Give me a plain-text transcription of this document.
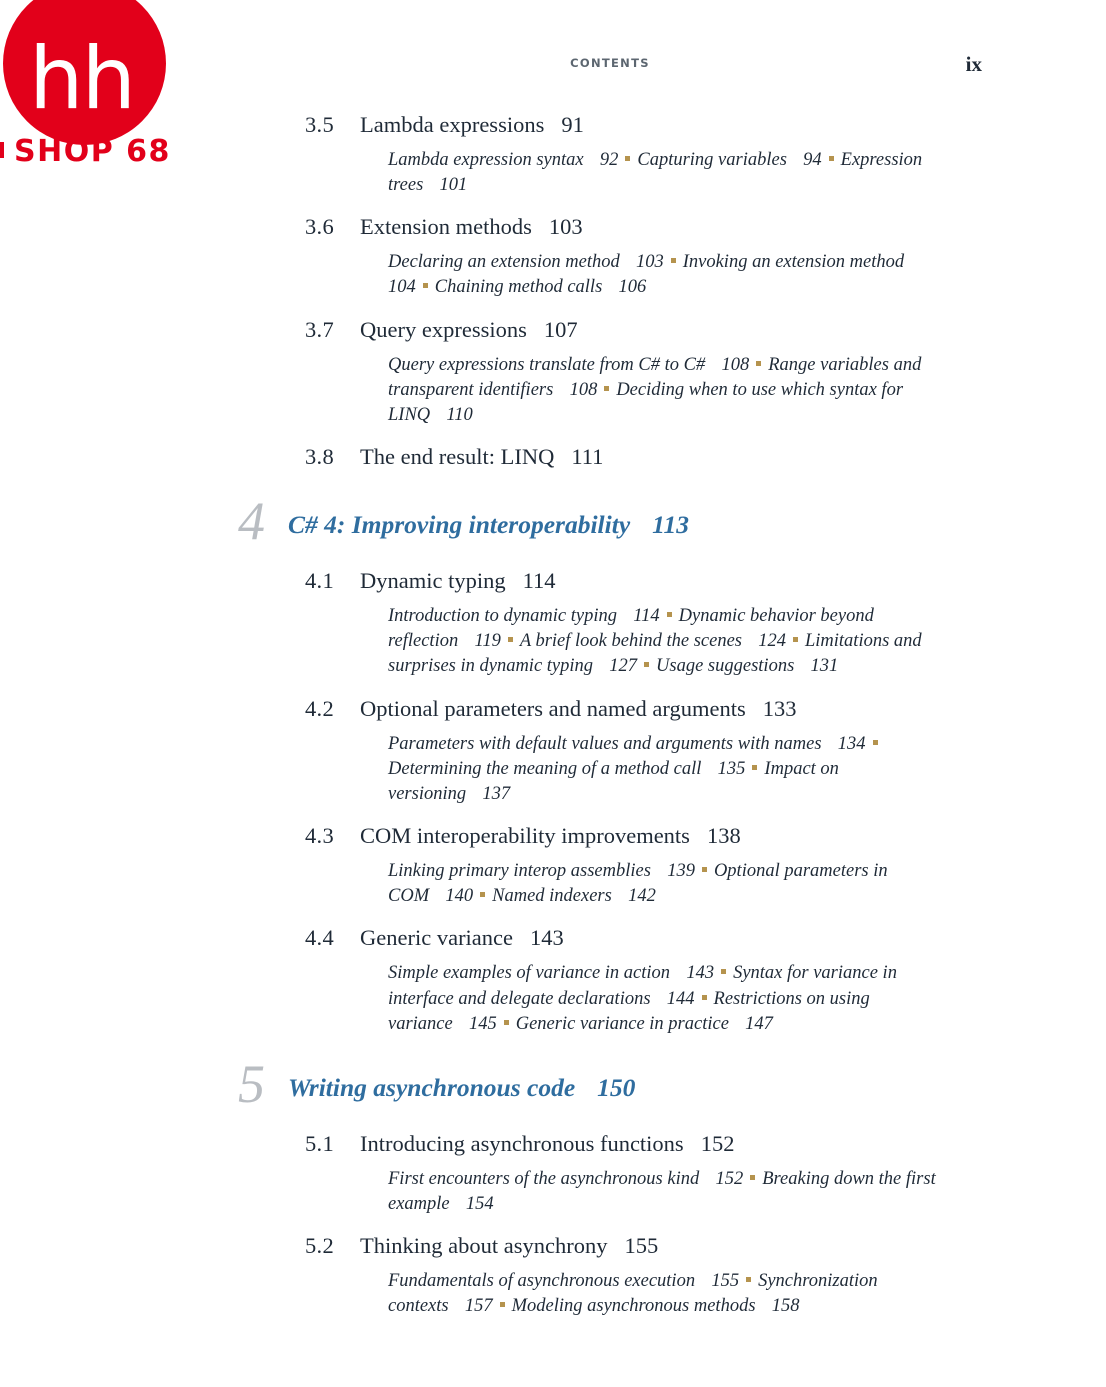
hh
SHOP 68
CONTENTS	ix
3.5 Lambda expressions 91
Lambda expression syntax 92 Capturing variables 94 Expression trees 101
3.6 Extension methods 103
Declaring an extension method 103 Invoking an extension method 104 Chaining method calls 106
3.7 Query expressions 107
Query expressions translate from C# to C# 108 Range variables and transparent identifiers 108 Deciding when to use which syntax for LINQ 110
3.8 The end result: LINQ 111
4 C# 4: Improving interoperability 113
4.1 Dynamic typing 114
Introduction to dynamic typing 114 Dynamic behavior beyond reflection 119 A brief look behind the scenes 124 Limitations and surprises in dynamic typing 127 Usage suggestions 131
4.2 Optional parameters and named arguments 133
Parameters with default values and arguments with names 134Determining the meaning of a method call 135 Impact on versioning 137
4.3 COM interoperability improvements 138
Linking primary interop assemblies 139 Optional parameters in COM 140 Named indexers 142
4.4 Generic variance 143
Simple examples of variance in action 143 Syntax for variance in interface and delegate declarations 144 Restrictions on using variance 145 Generic variance in practice 147
5 Writing asynchronous code 150
5.1 Introducing asynchronous functions 152
First encounters of the asynchronous kind 152 Breaking down the first example 154
5.2 Thinking about asynchrony 155
Fundamentals of asynchronous execution 155 Synchronization contexts 157 Modeling asynchronous methods 158
